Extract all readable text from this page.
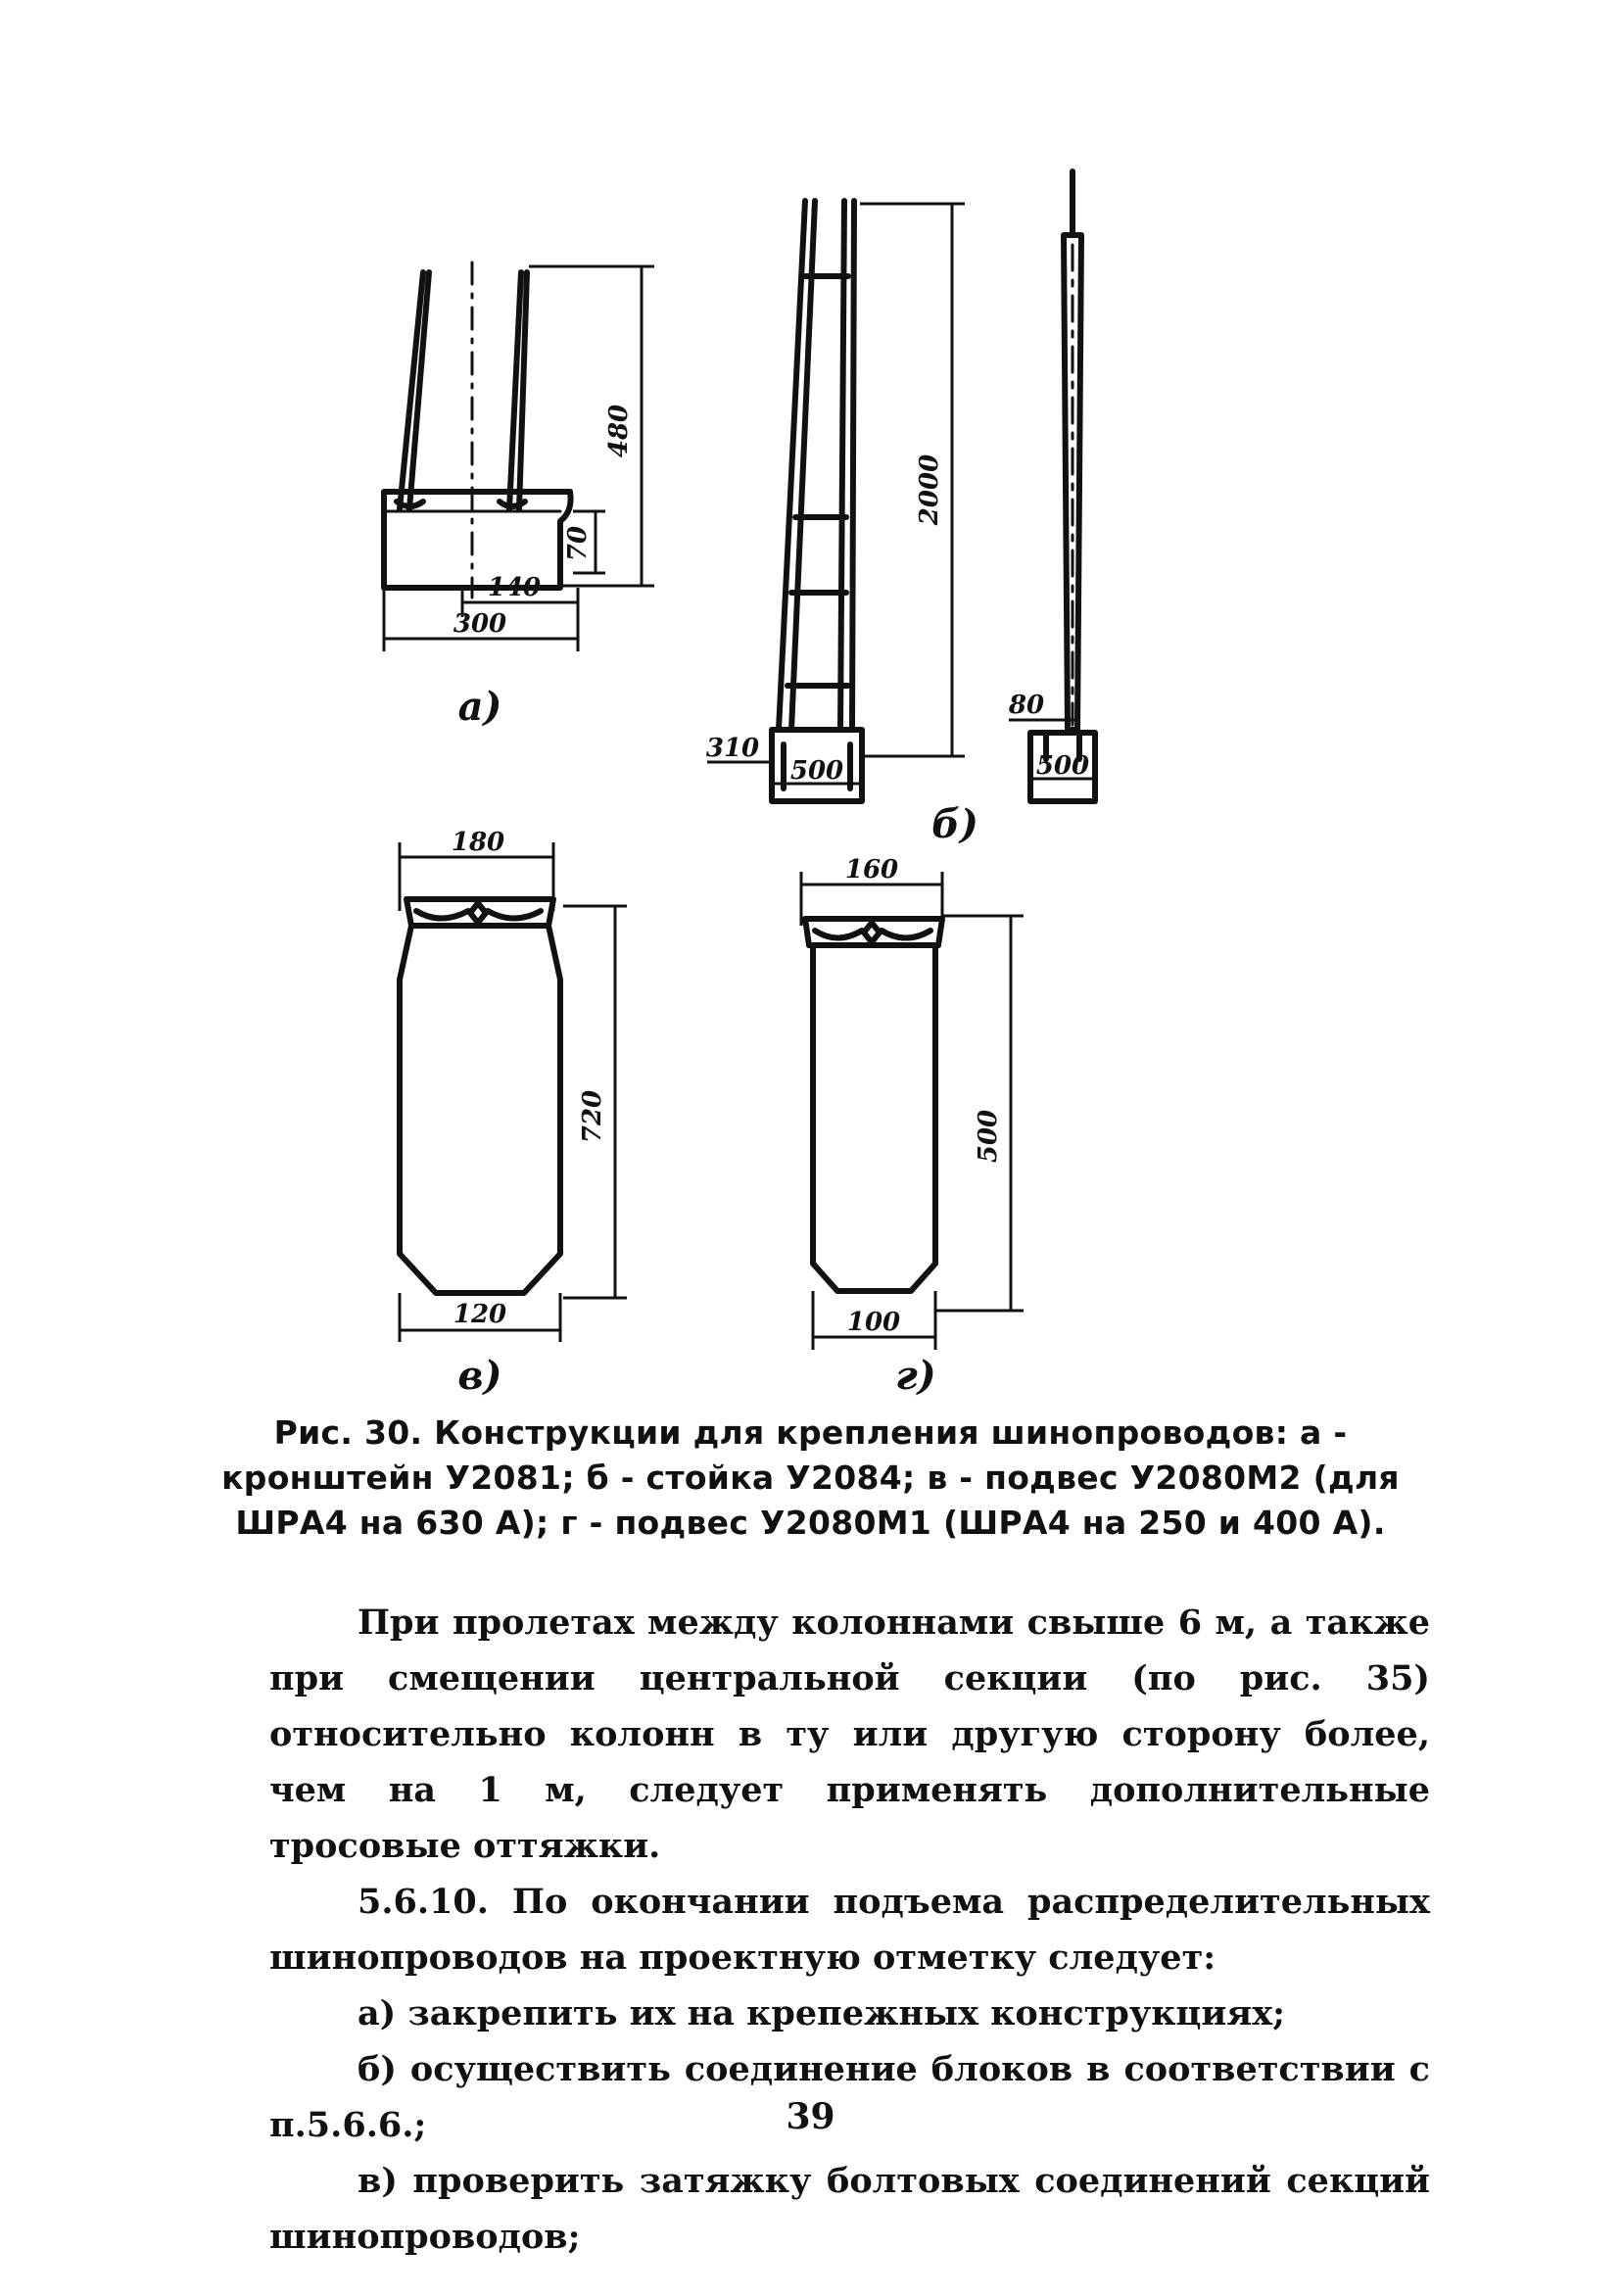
480
70
140
300
а)
2000
310
500
б)
80
500
180
720
120
в)
160
500
100
г)
Рис. 30. Конструкции для крепления шинопроводов: а - кронштейн У2081; б - стойка У2084; в - подвес У2080М2 (для ШРА4 на 630 А); г - подвес У2080М1 (ШРА4 на 250 и 400 А).

При пролетах между колоннами свыше 6 м, а также при смещении центральной секции (по рис. 35) относительно колонн в ту или другую сторону более, чем на 1 м, следует применять дополнительные тросовые оттяжки.

5.6.10. По окончании подъема распределительных шинопроводов на проектную отметку следует:

а) закрепить их на крепежных конструкциях;

б) осуществить соединение блоков в соответствии с п.5.6.6.;

в) проверить затяжку болтовых соединений секций шинопроводов;

39
